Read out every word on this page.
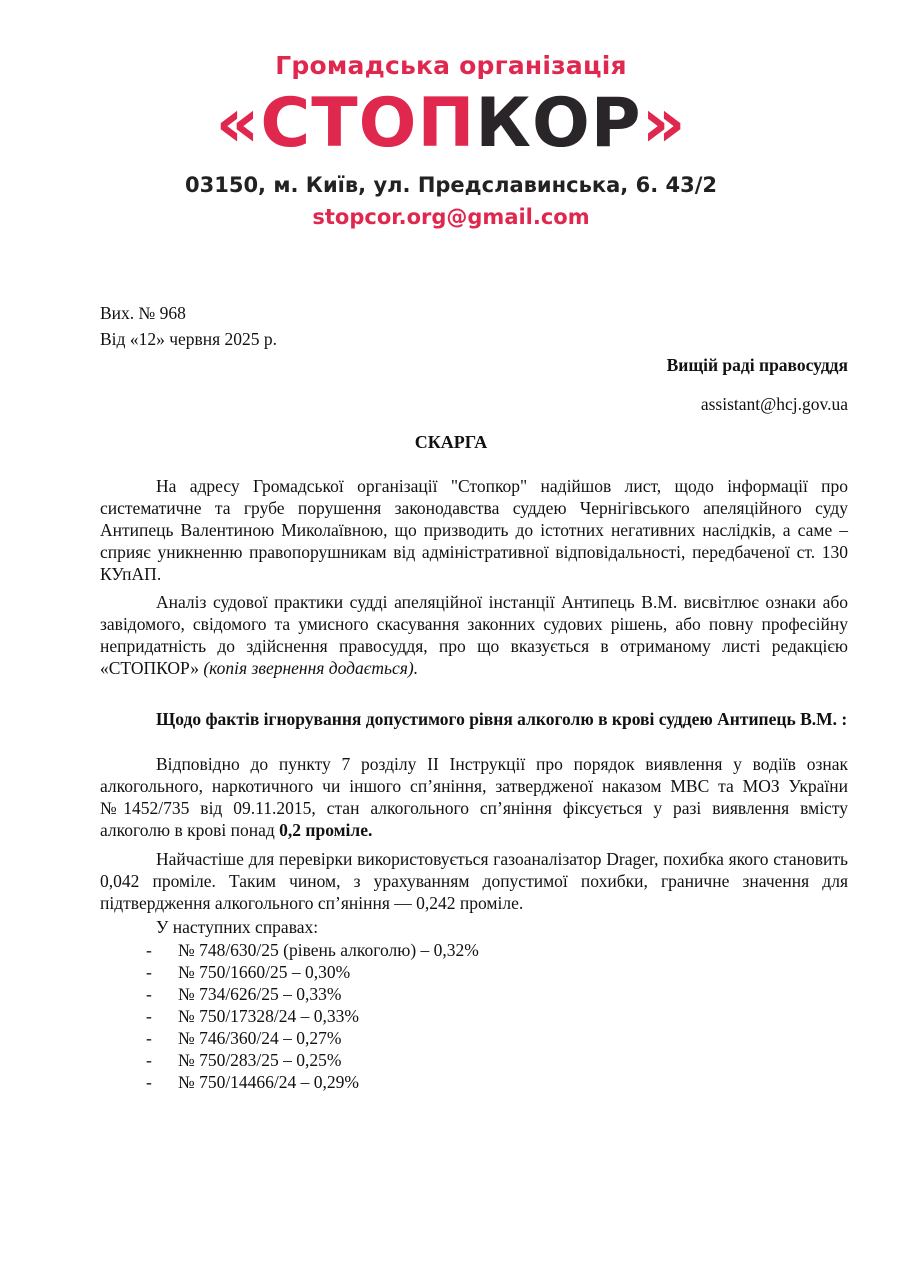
Громадська організація
«СТОПКОР»
03150, м. Київ, ул. Предславинська, 6. 43/2
stopcor.org@gmail.com
Вих. № 968
Від «12» червня 2025 р.
Вищій раді правосуддя
assistant@hcj.gov.ua
СКАРГА
На адресу Громадської організації "Стопкор" надійшов лист, щодо інформації про систематичне та грубе порушення законодавства суддею Чернігівського апеляційного суду Антипець Валентиною Миколаївною, що призводить до істотних негативних наслідків, а саме – сприяє уникненню правопорушникам від адміністративної відповідальності, передбаченої ст. 130 КУпАП.
Аналіз судової практики судді апеляційної інстанції Антипець В.М. висвітлює ознаки або завідомого, свідомого та умисного скасування законних судових рішень, або повну професійну непридатність до здійснення правосуддя, про що вказується в отриманому листі редакцією «СТОПКОР» (копія звернення додається).
Щодо фактів ігнорування допустимого рівня алкоголю в крові суддею Антипець В.М. :
Відповідно до пункту 7 розділу II Інструкції про порядок виявлення у водіїв ознак алкогольного, наркотичного чи іншого сп’яніння, затвердженої наказом МВС та МОЗ України №1452/735 від 09.11.2015, стан алкогольного сп’яніння фіксується у разі виявлення вмісту алкоголю в крові понад 0,2 проміле.
Найчастіше для перевірки використовується газоаналізатор Drager, похибка якого становить 0,042 проміле. Таким чином, з урахуванням допустимої похибки, граничне значення для підтвердження алкогольного сп’яніння — 0,242 проміле.
У наступних справах:
- № 748/630/25 (рівень алкоголю) – 0,32%
- № 750/1660/25 – 0,30%
- № 734/626/25 – 0,33%
- № 750/17328/24 – 0,33%
- № 746/360/24 – 0,27%
- № 750/283/25 – 0,25%
- № 750/14466/24 – 0,29%
